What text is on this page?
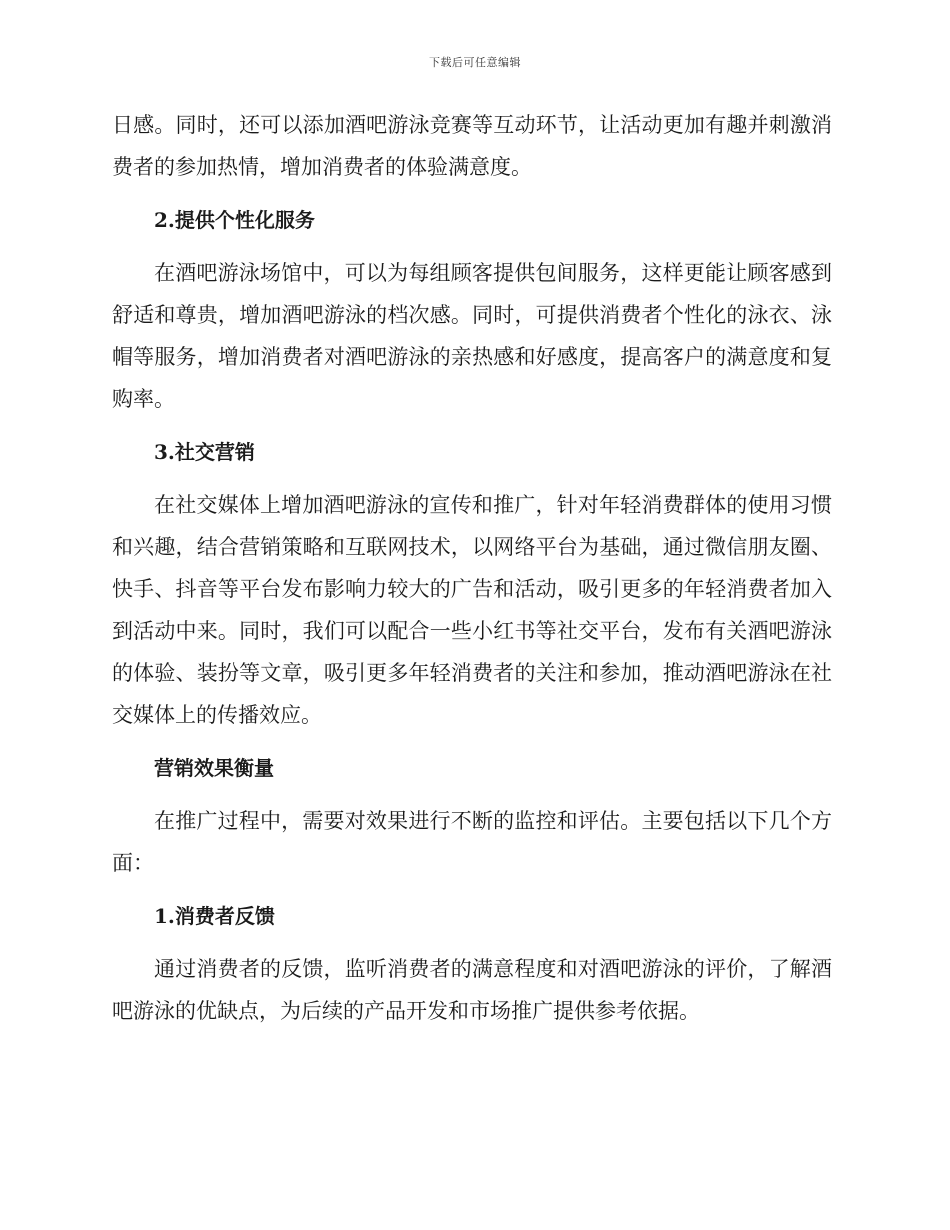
下载后可任意编辑

日感。同时，还可以添加酒吧游泳竞赛等互动环节，让活动更加有趣并刺激消费者的参加热情，增加消费者的体验满意度。

2.提供个性化服务

在酒吧游泳场馆中，可以为每组顾客提供包间服务，这样更能让顾客感到舒适和尊贵，增加酒吧游泳的档次感。同时，可提供消费者个性化的泳衣、泳帽等服务，增加消费者对酒吧游泳的亲热感和好感度，提高客户的满意度和复购率。

3.社交营销

在社交媒体上增加酒吧游泳的宣传和推广，针对年轻消费群体的使用习惯和兴趣，结合营销策略和互联网技术，以网络平台为基础，通过微信朋友圈、快手、抖音等平台发布影响力较大的广告和活动，吸引更多的年轻消费者加入到活动中来。同时，我们可以配合一些小红书等社交平台，发布有关酒吧游泳的体验、装扮等文章，吸引更多年轻消费者的关注和参加，推动酒吧游泳在社交媒体上的传播效应。

营销效果衡量

在推广过程中，需要对效果进行不断的监控和评估。主要包括以下几个方面：

1.消费者反馈

通过消费者的反馈，监听消费者的满意程度和对酒吧游泳的评价，了解酒吧游泳的优缺点，为后续的产品开发和市场推广提供参考依据。
